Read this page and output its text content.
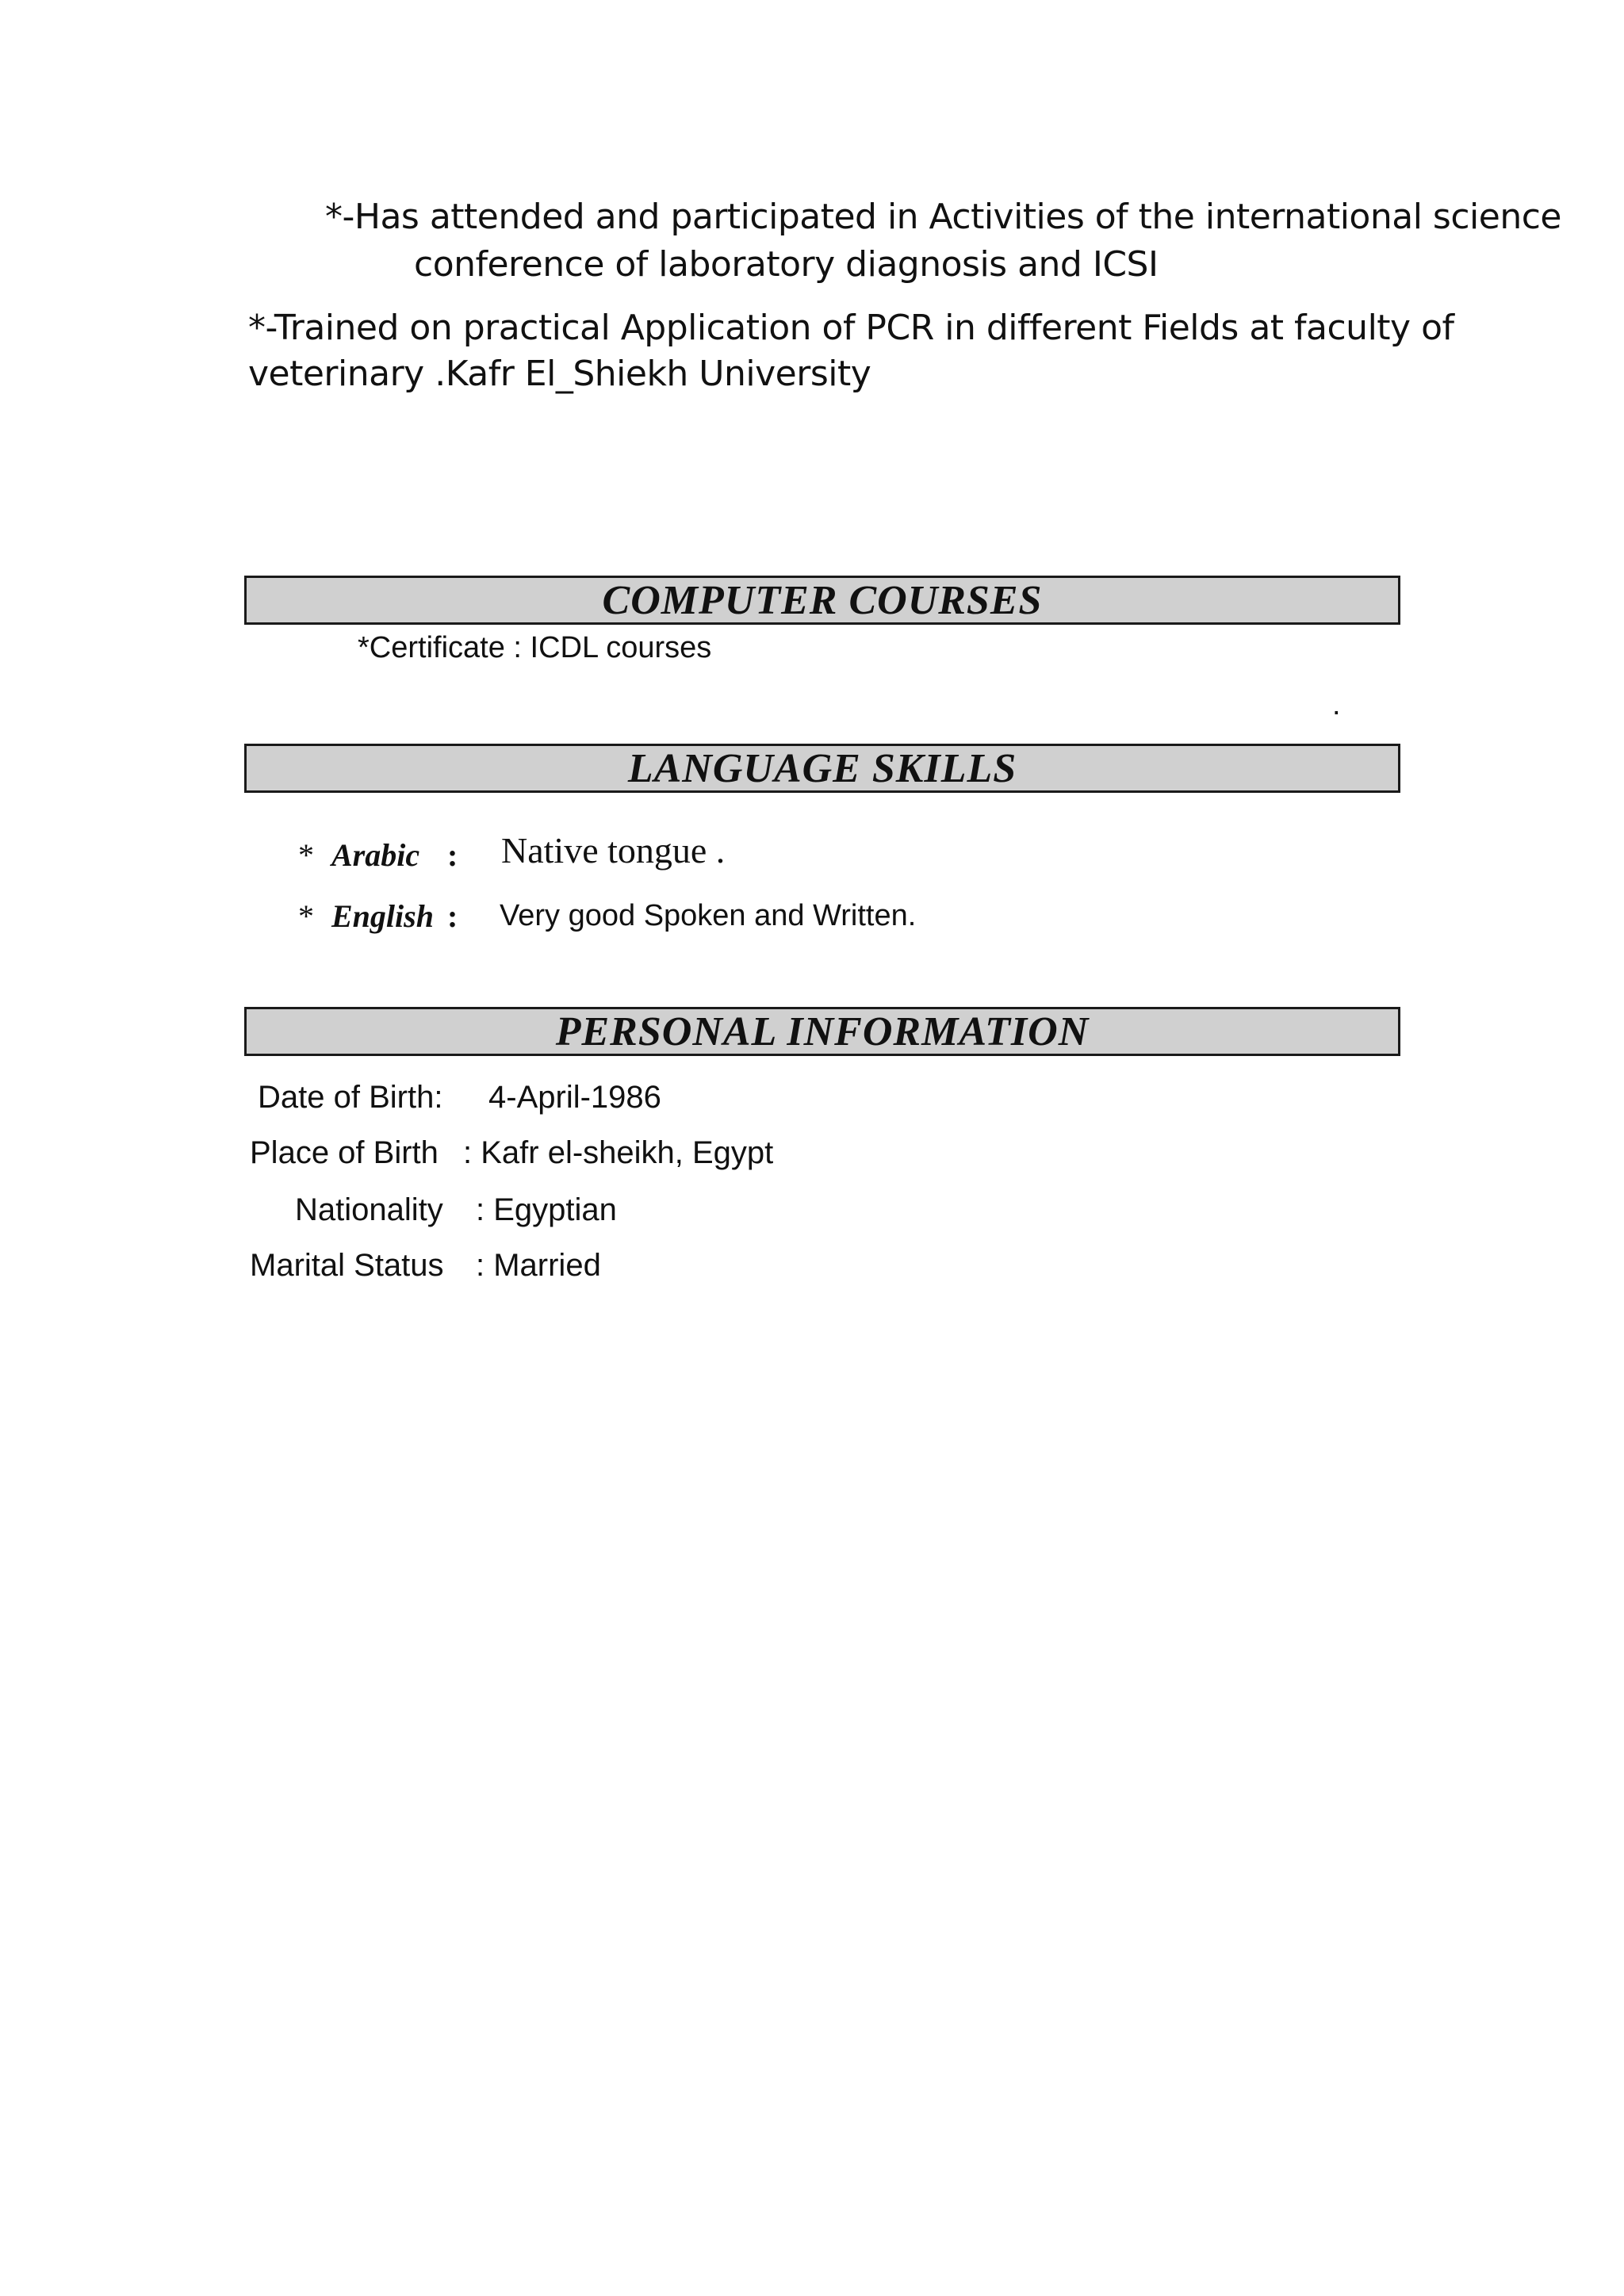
*-Has attended and participated in Activities of the international science
conference of laboratory diagnosis and ICSI
*-Trained on practical Application of PCR in different Fields at faculty of
veterinary .Kafr El_Shiekh University
COMPUTER COURSES
*Certificate : ICDL courses
.
LANGUAGE SKILLS
* Arabic : Native tongue .
* English : Very good Spoken and Written.
PERSONAL INFORMATION
Date of Birth: 4-April-1986
Place of Birth : Kafr el-sheikh, Egypt
Nationality : Egyptian
Marital Status : Married
